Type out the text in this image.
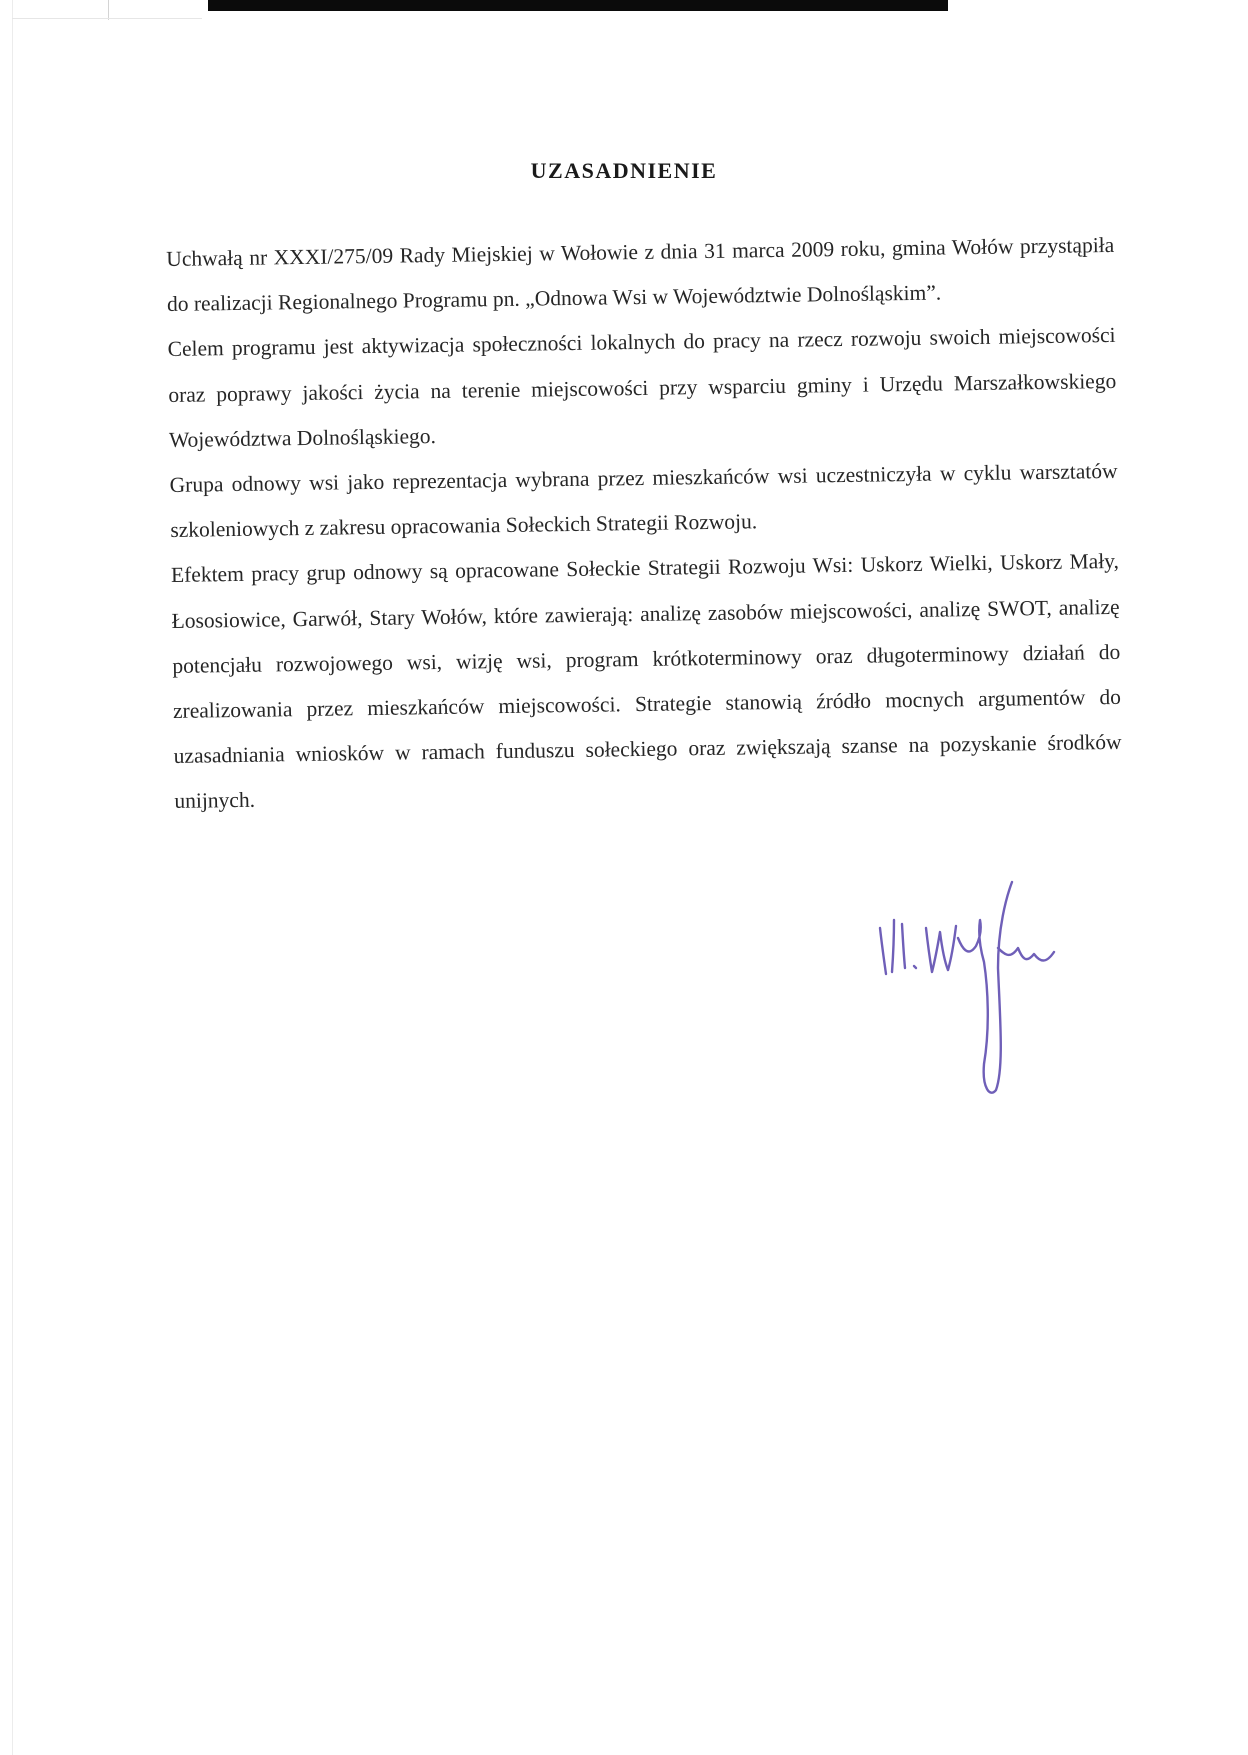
UZASADNIENIE

Uchwałą nr XXXI/275/09 Rady Miejskiej w Wołowie z dnia 31 marca 2009 roku, gmina Wołów przystąpiła do realizacji Regionalnego Programu pn. „Odnowa Wsi w Województwie Dolnośląskim”.

Celem programu jest aktywizacja społeczności lokalnych do pracy na rzecz rozwoju swoich miejscowości oraz poprawy jakości życia na terenie miejscowości przy wsparciu gminy i Urzędu Marszałkowskiego Województwa Dolnośląskiego.

Grupa odnowy wsi jako reprezentacja wybrana przez mieszkańców wsi uczestniczyła w cyklu warsztatów szkoleniowych z zakresu opracowania Sołeckich Strategii Rozwoju.

Efektem pracy grup odnowy są opracowane Sołeckie Strategii Rozwoju Wsi: Uskorz Wielki, Uskorz Mały, Łososiowice, Garwół, Stary Wołów, które zawierają: analizę zasobów miejscowości, analizę SWOT, analizę potencjału rozwojowego wsi, wizję wsi, program krótkoterminowy oraz długoterminowy działań do zrealizowania przez mieszkańców miejscowości. Strategie stanowią źródło mocnych argumentów do uzasadniania wniosków w ramach funduszu sołeckiego oraz zwiększają szanse na pozyskanie środków unijnych.
